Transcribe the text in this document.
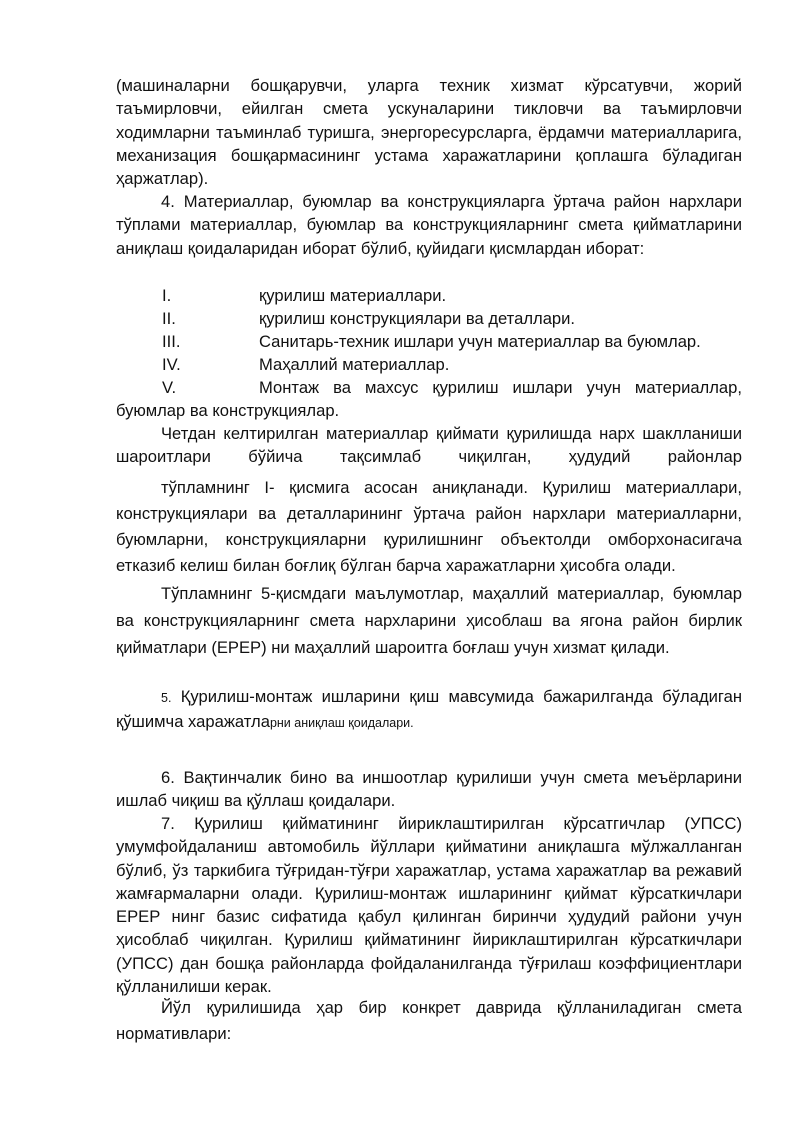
(машиналарни бошқарувчи, уларга техник хизмат кўрсатувчи, жорий таъмирловчи, ейилган смета ускуналарини тикловчи ва таъмирловчи ходимларни таъминлаб туришга, энергоресурсларга, ёрдамчи материалларига, механизация бошқармасининг устама харажатларини қоплашга бўладиган ҳаржатлар).

4. Материаллар, буюмлар ва конструкцияларга ўртача район нархлари тўплами материаллар, буюмлар ва конструкцияларнинг смета қийматларини аниқлаш қоидаларидан иборат бўлиб, қуйидаги қисмлардан иборат:

I.	қурилиш материаллари.
II.	қурилиш конструкциялари ва деталлари.
III.	Санитарь-техник ишлари учун материаллар ва буюмлар.
IV.	Маҳаллий материаллар.

V.	Монтаж ва махсус қурилиш ишлари учун материаллар, буюмлар ва конструкциялар.

Четдан келтирилган материаллар қиймати қурилишда нарх шаклланиши шароитлари бўйича тақсимлаб чиқилган, ҳудудий районлар

тўпламнинг I- қисмига асосан аниқланади. Қурилиш материаллари, конструкциялари ва деталларининг ўртача район нархлари материалларни, буюмларни, конструкцияларни қурилишнинг объектолди омборхонасигача етказиб келиш билан боғлиқ бўлган барча харажатларни ҳисобга олади.

Тўпламнинг 5-қисмдаги маълумотлар, маҳаллий материаллар, буюмлар ва конструкцияларнинг смета нархларини ҳисоблаш ва ягона район бирлик қийматлари (ЕРЕР) ни маҳаллий шароитга боғлаш учун хизмат қилади.

5. Қурилиш-монтаж ишларини қиш мавсумида бажарилганда бўладиган қўшимча харажатларни аниқлаш қоидалари.

6. Вақтинчалик бино ва иншоотлар қурилиши учун смета меъёрларини ишлаб чиқиш ва қўллаш қоидалари.

7. Қурилиш қийматининг йириклаштирилган кўрсатгичлар (УПСС) умумфойдаланиш автомобиль йўллари қийматини аниқлашга мўлжалланган бўлиб, ўз таркибига тўғридан-тўғри харажатлар, устама харажатлар ва режавий жамғармаларни олади. Қурилиш-монтаж ишларининг қиймат кўрсаткичлари ЕРЕР нинг базис сифатида қабул қилинган биринчи ҳудудий райони учун ҳисоблаб чиқилган. Қурилиш қийматининг йириклаштирилган кўрсаткичлари (УПСС) дан бошқа районларда фойдаланилганда тўғрилаш коэффициентлари қўлланилиши керак.

Йўл қурилишида ҳар бир конкрет даврида қўлланиладиган смета нормативлари:
